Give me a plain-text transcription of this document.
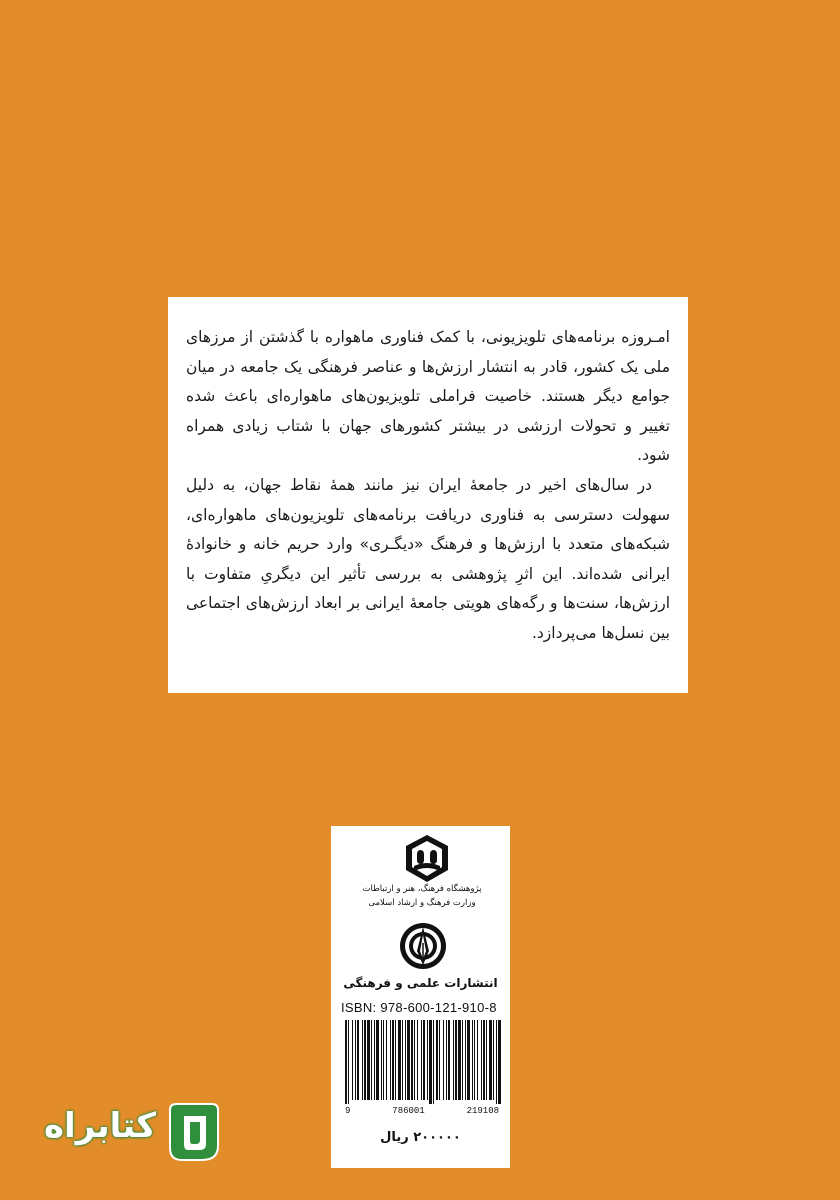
امـروزه برنامه‌های تلویزیونی، با کمک فناوری ماهواره با گذشتن از مرزهای ملی یک کشور، قادر به انتشار ارزش‌ها و عناصر فرهنگی یک جامعه در میان جوامع دیگر هستند. خاصیت فراملی تلویزیون‌های ماهواره‌ای باعث شده تغییر و تحولات ارزشی در بیشتر کشورهای جهان با شتاب زیادی همراه شود.

در سال‌های اخیر در جامعهٔ ایران نیز مانند همهٔ نقاط جهان، به دلیل سهولت دسترسی به فناوری دریافت برنامه‌های تلویزیون‌های ماهواره‌ای، شبکه‌های متعدد با ارزش‌ها و فرهنگ «دیگـری» وارد حریم خانه و خانوادهٔ ایرانی شده‌اند. این اثرِ پژوهشی به بررسی تأثیر این دیگریِ متفاوت با ارزش‌ها، سنت‌ها و رگه‌های هویتی جامعهٔ ایرانی بر ابعاد ارزش‌های اجتماعی بین نسل‌ها می‌پردازد.

پژوهشگاه فرهنگ، هنر و ارتباطات
وزارت فرهنگ و ارشاد اسلامی
انتشارات علمی و فرهنگی
ISBN: 978-600-121-910-8
9	786001	219108
۲۰۰۰۰۰ ریال
کتابراه
